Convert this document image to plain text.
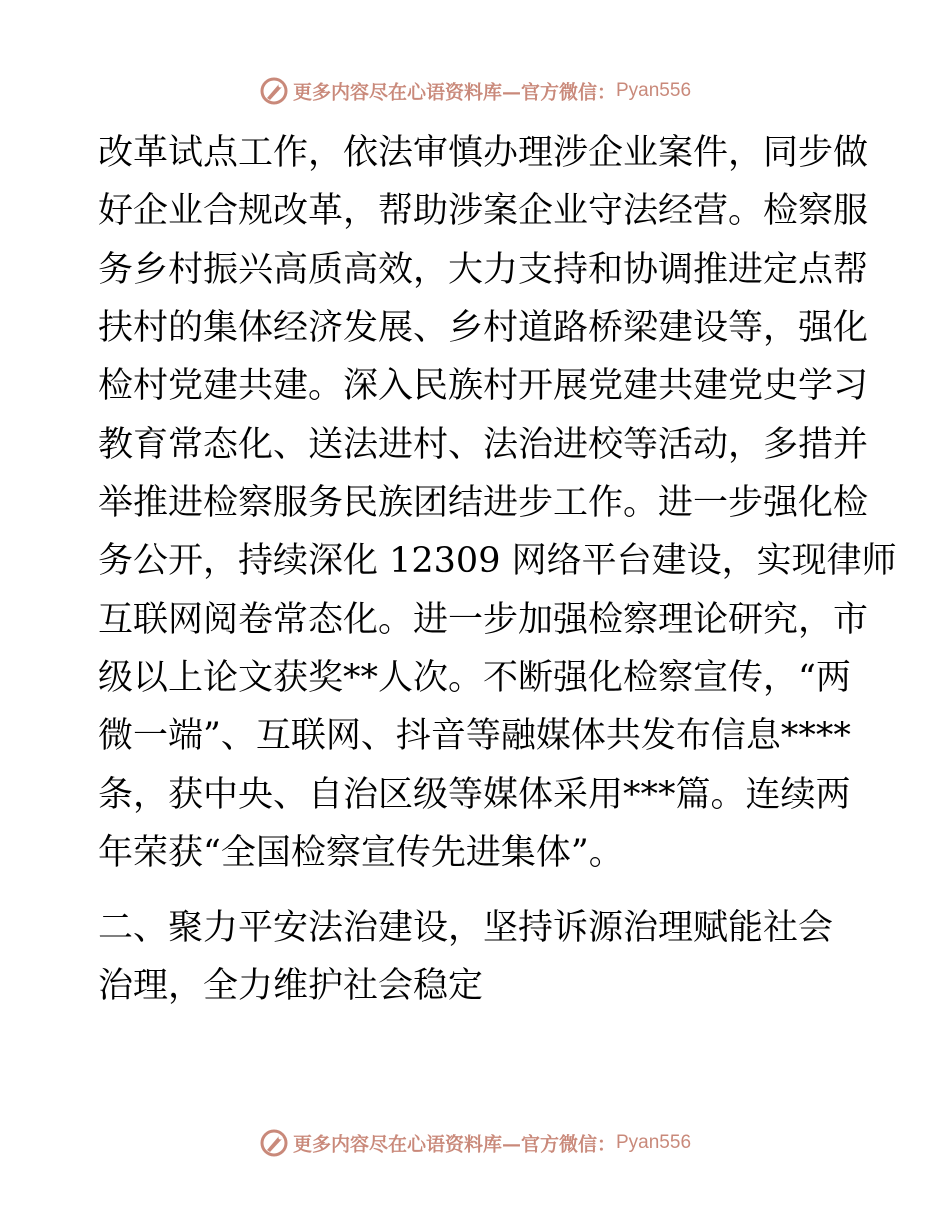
更多内容尽在心语资料库—官方微信：Pyan556
改革试点工作，依法审慎办理涉企业案件，同步做
好企业合规改革，帮助涉案企业守法经营。检察服
务乡村振兴高质高效，大力支持和协调推进定点帮
扶村的集体经济发展、乡村道路桥梁建设等，强化
检村党建共建。深入民族村开展党建共建党史学习
教育常态化、送法进村、法治进校等活动，多措并
举推进检察服务民族团结进步工作。进一步强化检
务公开，持续深化 12309 网络平台建设，实现律师
互联网阅卷常态化。进一步加强检察理论研究，市
级以上论文获奖**人次。不断强化检察宣传，“两
微一端”、互联网、抖音等融媒体共发布信息****
条，获中央、自治区级等媒体采用***篇。连续两
年荣获“全国检察宣传先进集体”。
二、聚力平安法治建设，坚持诉源治理赋能社会
治理，全力维护社会稳定
更多内容尽在心语资料库—官方微信：Pyan556
